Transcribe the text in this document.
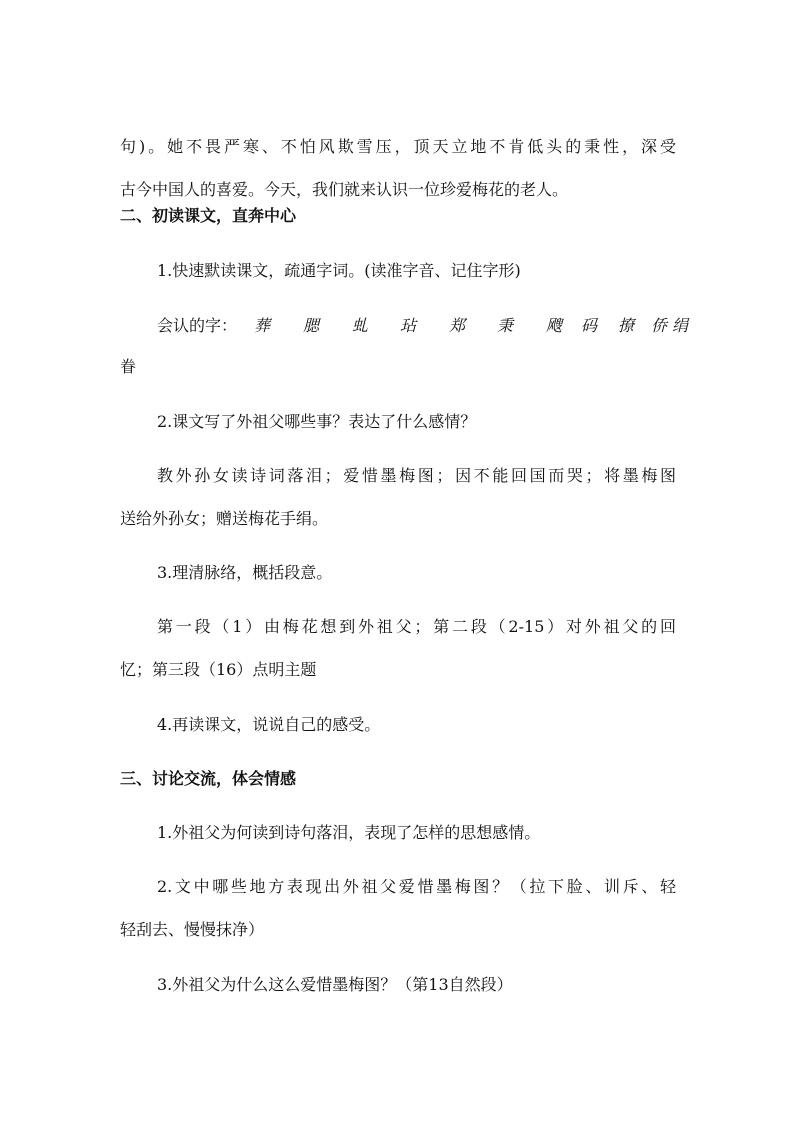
句)。她不畏严寒、不怕风欺雪压，顶天立地不肯低头的秉性，深受
古今中国人的喜爱。今天，我们就来认识一位珍爱梅花的老人。
二、初读课文，直奔中心
1.快速默读课文，疏通字词。(读准字音、记住字形)
会认的字： 葬 腮 虬 玷 郑 秉 飕 码 撩 绢
侨
眷
2.课文写了外祖父哪些事？表达了什么感情？
教外孙女读诗词落泪；爱惜墨梅图；因不能回国而哭；将墨梅图
送给外孙女；赠送梅花手绢。
3.理清脉络，概括段意。
第一段（1）由梅花想到外祖父；第二段（2-15）对外祖父的回
忆；第三段（16）点明主题
4.再读课文，说说自己的感受。
三、讨论交流，体会情感
1.外祖父为何读到诗句落泪，表现了怎样的思想感情。
2.文中哪些地方表现出外祖父爱惜墨梅图？（拉下脸、训斥、轻
轻刮去、慢慢抹净）
3.外祖父为什么这么爱惜墨梅图？（第13自然段）
